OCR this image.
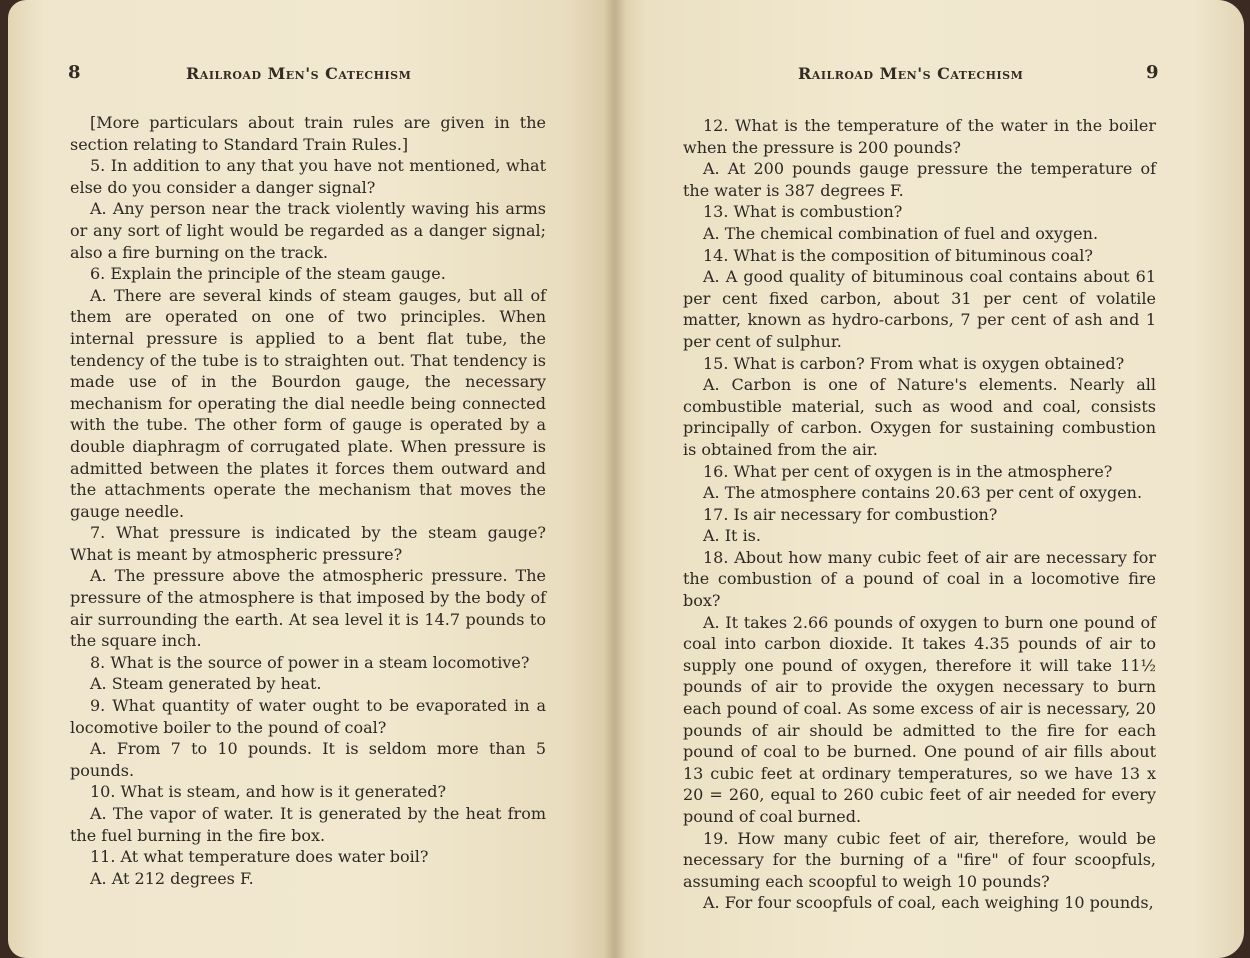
8	Railroad Men's Catechism

[More particulars about train rules are given in the section relating to Standard Train Rules.]

5. In addition to any that you have not mentioned, what else do you consider a danger signal?

A. Any person near the track violently waving his arms or any sort of light would be regarded as a danger signal; also a fire burning on the track.

6. Explain the principle of the steam gauge.

A. There are several kinds of steam gauges, but all of them are operated on one of two principles. When internal pressure is applied to a bent flat tube, the tendency of the tube is to straighten out. That tendency is made use of in the Bourdon gauge, the necessary mechanism for operating the dial needle being connected with the tube. The other form of gauge is operated by a double diaphragm of corrugated plate. When pressure is admitted between the plates it forces them outward and the attachments operate the mechanism that moves the gauge needle.

7. What pressure is indicated by the steam gauge? What is meant by atmospheric pressure?

A. The pressure above the atmospheric pressure. The pressure of the atmosphere is that imposed by the body of air surrounding the earth. At sea level it is 14.7 pounds to the square inch.

8. What is the source of power in a steam locomotive?

A. Steam generated by heat.

9. What quantity of water ought to be evaporated in a locomotive boiler to the pound of coal?

A. From 7 to 10 pounds. It is seldom more than 5 pounds.

10. What is steam, and how is it generated?

A. The vapor of water. It is generated by the heat from the fuel burning in the fire box.

11. At what temperature does water boil?

A. At 212 degrees F.

Railroad Men's Catechism	9

12. What is the temperature of the water in the boiler when the pressure is 200 pounds?

A. At 200 pounds gauge pressure the temperature of the water is 387 degrees F.

13. What is combustion?

A. The chemical combination of fuel and oxygen.

14. What is the composition of bituminous coal?

A. A good quality of bituminous coal contains about 61 per cent fixed carbon, about 31 per cent of volatile matter, known as hydro-carbons, 7 per cent of ash and 1 per cent of sulphur.

15. What is carbon? From what is oxygen obtained?

A. Carbon is one of Nature's elements. Nearly all combustible material, such as wood and coal, consists principally of carbon. Oxygen for sustaining combustion is obtained from the air.

16. What per cent of oxygen is in the atmosphere?

A. The atmosphere contains 20.63 per cent of oxygen.

17. Is air necessary for combustion?

A. It is.

18. About how many cubic feet of air are necessary for the combustion of a pound of coal in a locomotive fire box?

A. It takes 2.66 pounds of oxygen to burn one pound of coal into carbon dioxide. It takes 4.35 pounds of air to supply one pound of oxygen, therefore it will take 11½ pounds of air to provide the oxygen necessary to burn each pound of coal. As some excess of air is necessary, 20 pounds of air should be admitted to the fire for each pound of coal to be burned. One pound of air fills about 13 cubic feet at ordinary temperatures, so we have 13 x 20 = 260, equal to 260 cubic feet of air needed for every pound of coal burned.

19. How many cubic feet of air, therefore, would be necessary for the burning of a "fire" of four scoopfuls, assuming each scoopful to weigh 10 pounds?

A. For four scoopfuls of coal, each weighing 10 pounds,
